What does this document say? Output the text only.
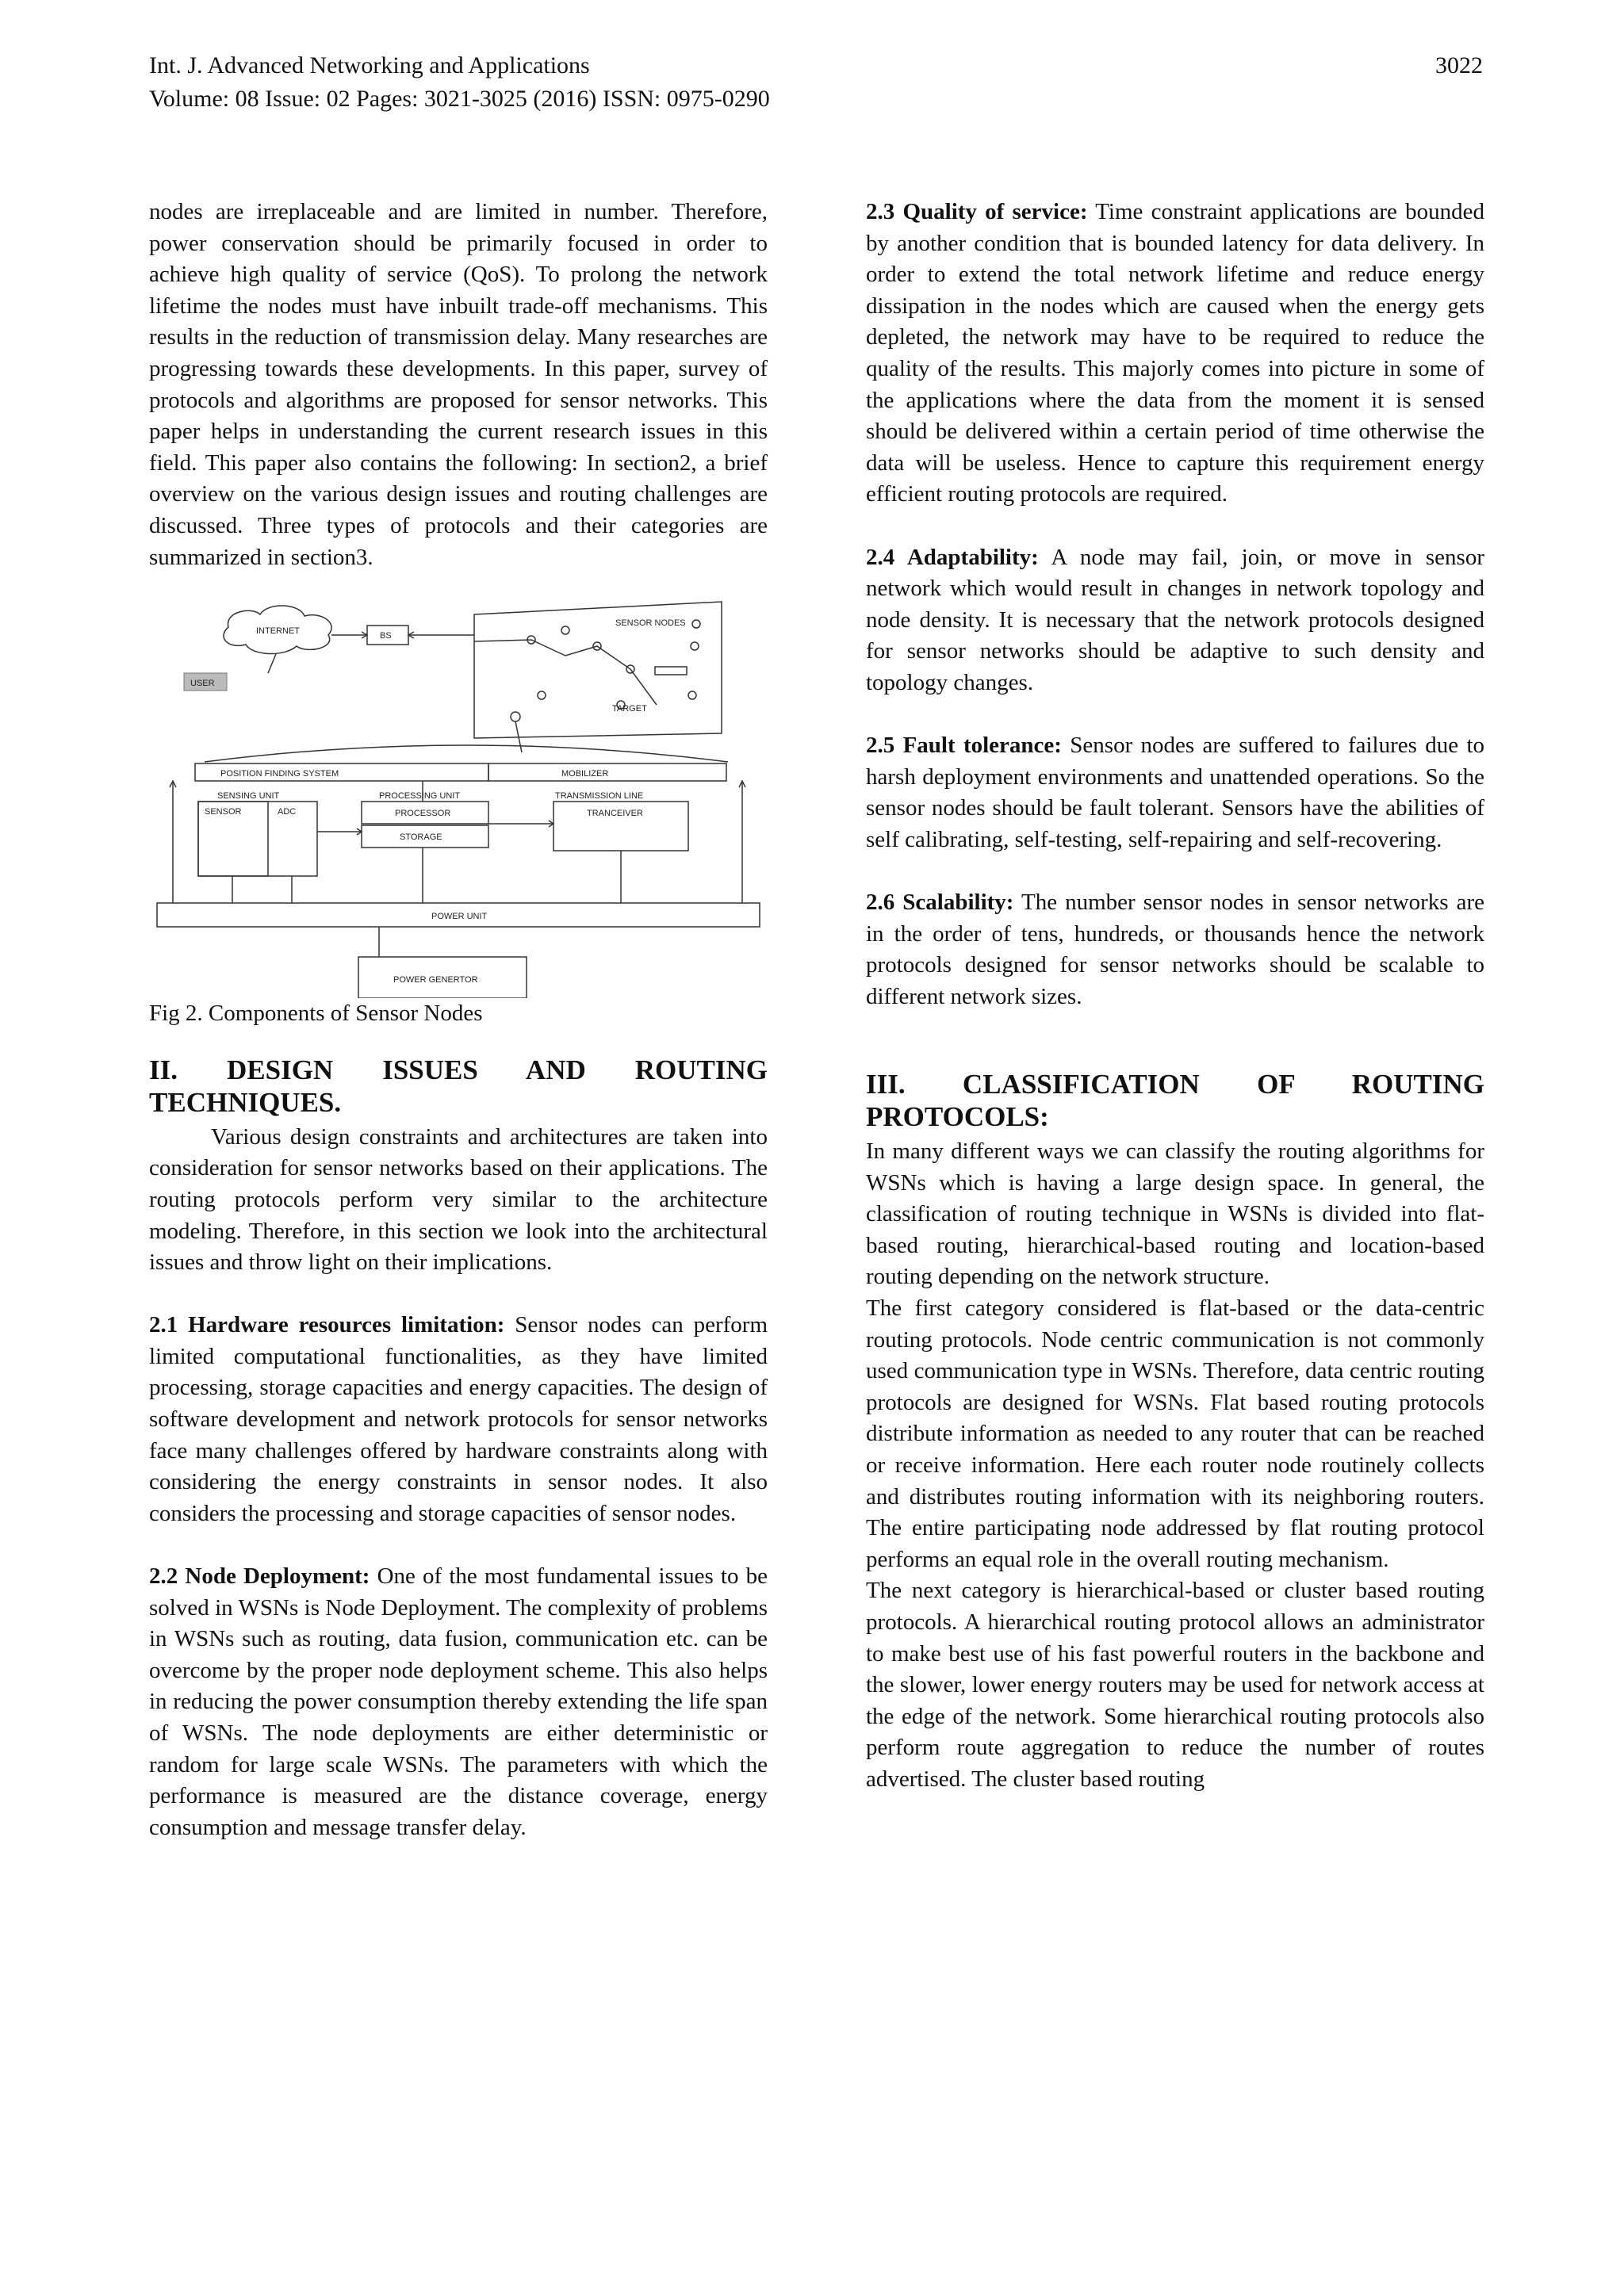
Int. J. Advanced Networking and Applications
Volume: 08 Issue: 02 Pages: 3021-3025 (2016) ISSN: 0975-0290
3022

nodes are irreplaceable and are limited in number. Therefore, power conservation should be primarily focused in order to achieve high quality of service (QoS). To prolong the network lifetime the nodes must have inbuilt trade-off mechanisms. This results in the reduction of transmission delay. Many researches are progressing towards these developments. In this paper, survey of protocols and algorithms are proposed for sensor networks. This paper helps in understanding the current research issues in this field. This paper also contains the following: In section2, a brief overview on the various design issues and routing challenges are discussed. Three types of protocols and their categories are summarized in section3.

INTERNET
USER
BS
SENSOR NODES
TARGET
POSITION FINDING SYSTEM	MOBILIZER
SENSING UNIT
SENSOR	ADC
PROCESSING UNIT
PROCESSOR
STORAGE
TRANSMISSION LINE
TRANCEIVER
POWER UNIT
POWER GENERTOR

Fig 2. Components of Sensor Nodes

II. DESIGN ISSUES AND ROUTING TECHNIQUES.

Various design constraints and architectures are taken into consideration for sensor networks based on their applications. The routing protocols perform very similar to the architecture modeling. Therefore, in this section we look into the architectural issues and throw light on their implications.

2.1 Hardware resources limitation: Sensor nodes can perform limited computational functionalities, as they have limited processing, storage capacities and energy capacities. The design of software development and network protocols for sensor networks face many challenges offered by hardware constraints along with considering the energy constraints in sensor nodes. It also considers the processing and storage capacities of sensor nodes.

2.2 Node Deployment: One of the most fundamental issues to be solved in WSNs is Node Deployment. The complexity of problems in WSNs such as routing, data fusion, communication etc. can be overcome by the proper node deployment scheme. This also helps in reducing the power consumption thereby extending the life span of WSNs. The node deployments are either deterministic or random for large scale WSNs. The parameters with which the performance is measured are the distance coverage, energy consumption and message transfer delay.

2.3 Quality of service: Time constraint applications are bounded by another condition that is bounded latency for data delivery. In order to extend the total network lifetime and reduce energy dissipation in the nodes which are caused when the energy gets depleted, the network may have to be required to reduce the quality of the results. This majorly comes into picture in some of the applications where the data from the moment it is sensed should be delivered within a certain period of time otherwise the data will be useless. Hence to capture this requirement energy efficient routing protocols are required.

2.4 Adaptability: A node may fail, join, or move in sensor network which would result in changes in network topology and node density. It is necessary that the network protocols designed for sensor networks should be adaptive to such density and topology changes.

2.5 Fault tolerance: Sensor nodes are suffered to failures due to harsh deployment environments and unattended operations. So the sensor nodes should be fault tolerant. Sensors have the abilities of self calibrating, self-testing, self-repairing and self-recovering.

2.6 Scalability: The number sensor nodes in sensor networks are in the order of tens, hundreds, or thousands hence the network protocols designed for sensor networks should be scalable to different network sizes.

III. CLASSIFICATION OF ROUTING PROTOCOLS:

In many different ways we can classify the routing algorithms for WSNs which is having a large design space. In general, the classification of routing technique in WSNs is divided into flat-based routing, hierarchical-based routing and location-based routing depending on the network structure.

The first category considered is flat-based or the data-centric routing protocols. Node centric communication is not commonly used communication type in WSNs. Therefore, data centric routing protocols are designed for WSNs. Flat based routing protocols distribute information as needed to any router that can be reached or receive information. Here each router node routinely collects and distributes routing information with its neighboring routers. The entire participating node addressed by flat routing protocol performs an equal role in the overall routing mechanism.

The next category is hierarchical-based or cluster based routing protocols. A hierarchical routing protocol allows an administrator to make best use of his fast powerful routers in the backbone and the slower, lower energy routers may be used for network access at the edge of the network. Some hierarchical routing protocols also perform route aggregation to reduce the number of routes advertised. The cluster based routing
